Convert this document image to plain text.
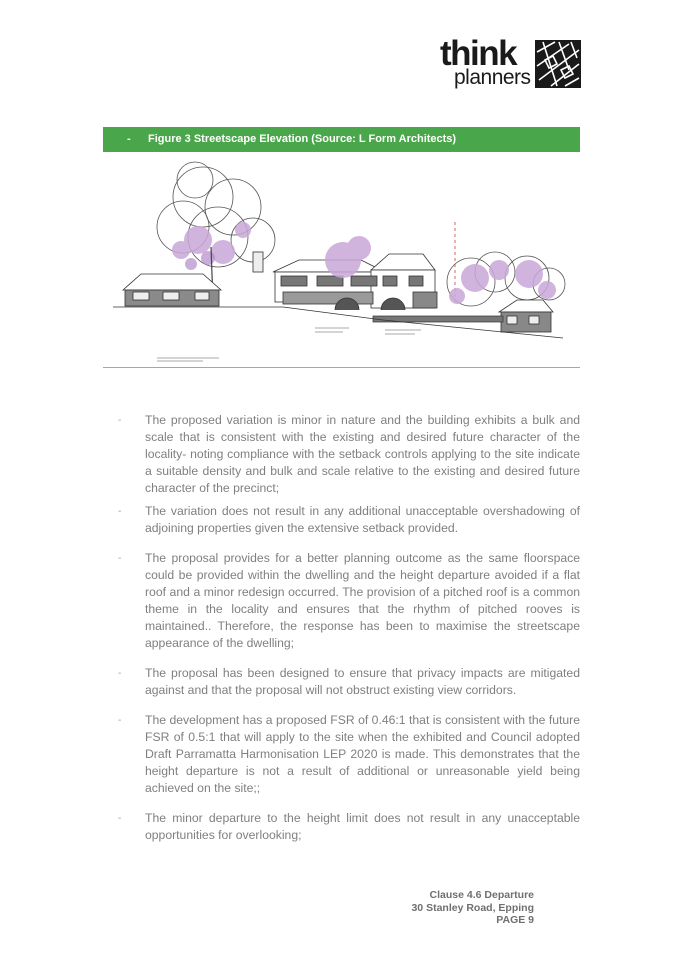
think
planners
- Figure 3 Streetscape Elevation (Source: L Form Architects)
- The proposed variation is minor in nature and the building exhibits a bulk and scale that is consistent with the existing and desired future character of the locality- noting compliance with the setback controls applying to the site indicate a suitable density and bulk and scale relative to the existing and desired future character of the precinct;
- The variation does not result in any additional unacceptable overshadowing of adjoining properties given the extensive setback provided.
- The proposal provides for a better planning outcome as the same floorspace could be provided within the dwelling and the height departure avoided if a flat roof and a minor redesign occurred. The provision of a pitched roof is a common theme in the locality and ensures that the rhythm of pitched rooves is maintained.. Therefore, the response has been to maximise the streetscape appearance of the dwelling;
- The proposal has been designed to ensure that privacy impacts are mitigated against and that the proposal will not obstruct existing view corridors.
- The development has a proposed FSR of 0.46:1 that is consistent with the future FSR of 0.5:1 that will apply to the site when the exhibited and Council adopted Draft Parramatta Harmonisation LEP 2020 is made. This demonstrates that the height departure is not a result of additional or unreasonable yield being achieved on the site;;
- The minor departure to the height limit does not result in any unacceptable opportunities for overlooking;
Clause 4.6 Departure
30 Stanley Road, Epping
PAGE 9
